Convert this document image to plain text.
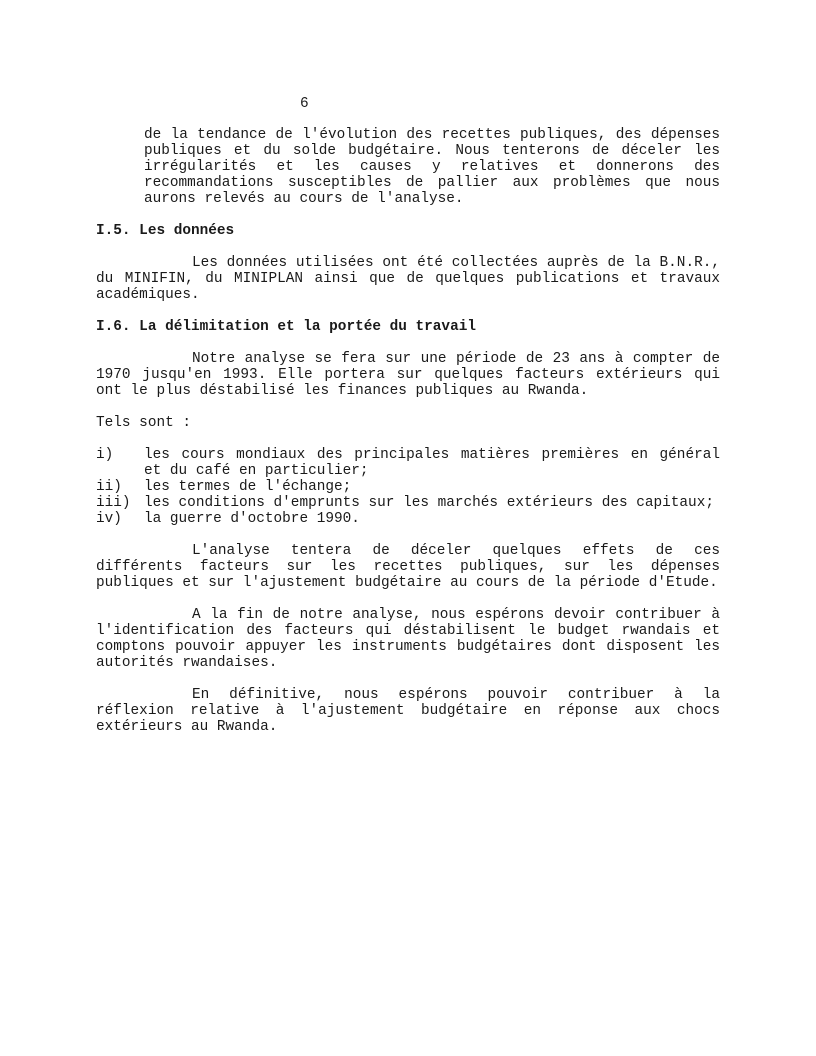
6

de la tendance de l'évolution des recettes publiques, des dépenses publiques et du solde budgétaire. Nous tenterons de déceler les irrégularités et les causes y relatives et donnerons des recommandations susceptibles de pallier aux problèmes que nous aurons relevés au cours de l'analyse.

I.5. Les données

Les données utilisées ont été collectées auprès de la B.N.R., du MINIFIN, du MINIPLAN ainsi que de quelques publications et travaux académiques.

I.6. La délimitation et la portée du travail

Notre analyse se fera sur une période de 23 ans à compter de 1970 jusqu'en 1993. Elle portera sur quelques facteurs extérieurs qui ont le plus déstabilisé les finances publiques au Rwanda.

Tels sont :

i)	les cours mondiaux des principales matières premières en général et du café en particulier;
ii)	les termes de l'échange;
iii) les conditions d'emprunts sur les marchés extérieurs des capitaux;
iv)	la guerre d'octobre 1990.

L'analyse tentera de déceler quelques effets de ces différents facteurs sur les recettes publiques, sur les dépenses publiques et sur l'ajustement budgétaire au cours de la période d'Etude.

A la fin de notre analyse, nous espérons devoir contribuer à l'identification des facteurs qui déstabilisent le budget rwandais et comptons pouvoir appuyer les instruments budgétaires dont disposent les autorités rwandaises.

En définitive, nous espérons pouvoir contribuer à la réflexion relative à l'ajustement budgétaire en réponse aux chocs extérieurs au Rwanda.
